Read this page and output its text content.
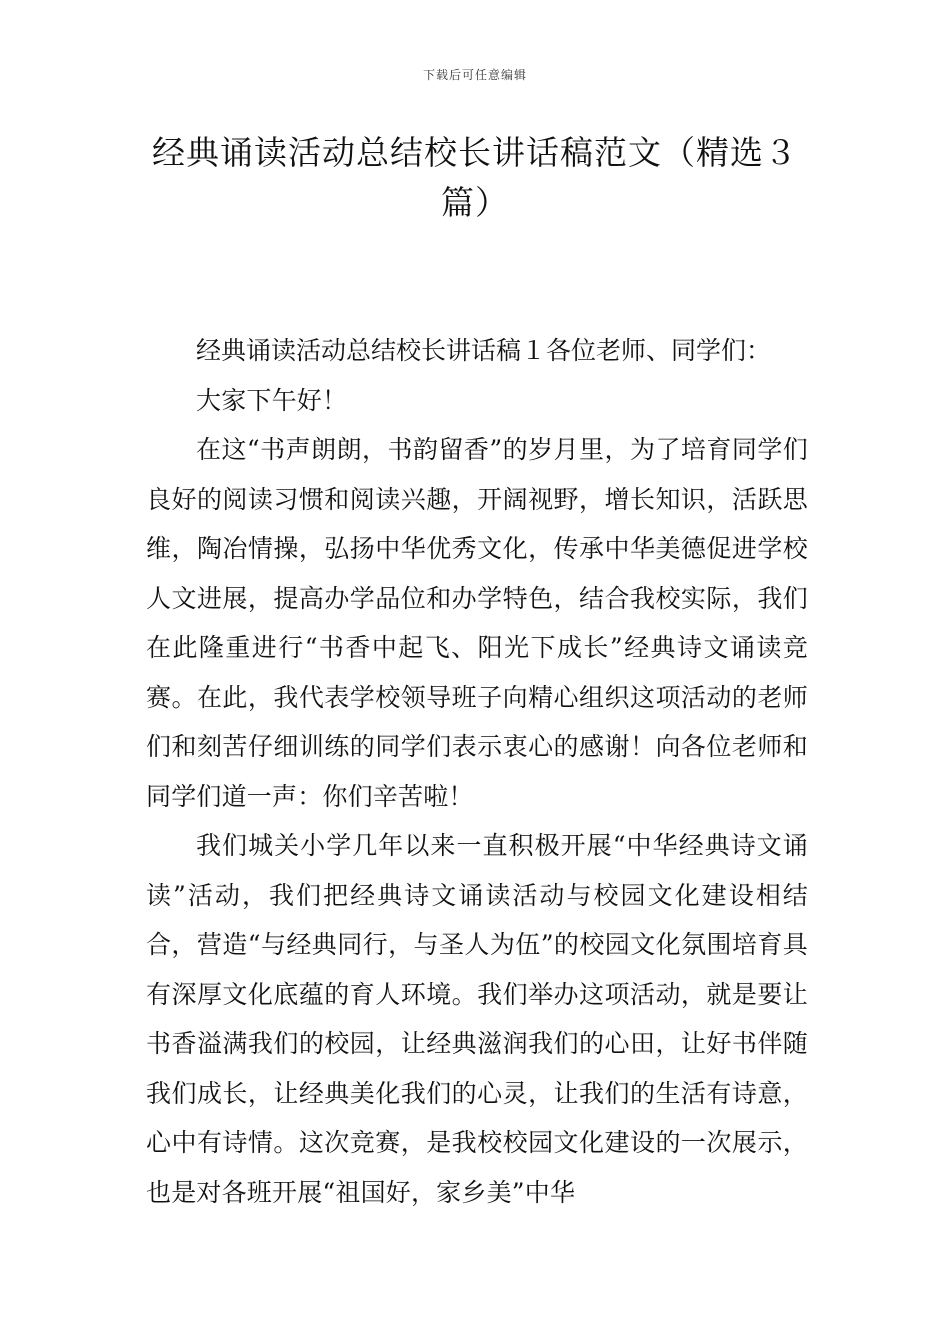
下载后可任意编辑
经典诵读活动总结校长讲话稿范文（精选３篇）

经典诵读活动总结校长讲话稿１各位老师、同学们：

大家下午好！

在这“书声朗朗，书韵留香”的岁月里，为了培育同学们良好的阅读习惯和阅读兴趣，开阔视野，增长知识，活跃思维，陶冶情操，弘扬中华优秀文化，传承中华美德促进学校人文进展，提高办学品位和办学特色，结合我校实际，我们在此隆重进行“书香中起飞、阳光下成长”经典诗文诵读竞赛。在此，我代表学校领导班子向精心组织这项活动的老师们和刻苦仔细训练的同学们表示衷心的感谢！向各位老师和同学们道一声：你们辛苦啦！

我们城关小学几年以来一直积极开展“中华经典诗文诵读”活动，我们把经典诗文诵读活动与校园文化建设相结合，营造“与经典同行，与圣人为伍”的校园文化氛围培育具有深厚文化底蕴的育人环境。我们举办这项活动，就是要让书香溢满我们的校园，让经典滋润我们的心田，让好书伴随我们成长，让经典美化我们的心灵，让我们的生活有诗意，心中有诗情。这次竞赛，是我校校园文化建设的一次展示，也是对各班开展“祖国好，家乡美”中华
